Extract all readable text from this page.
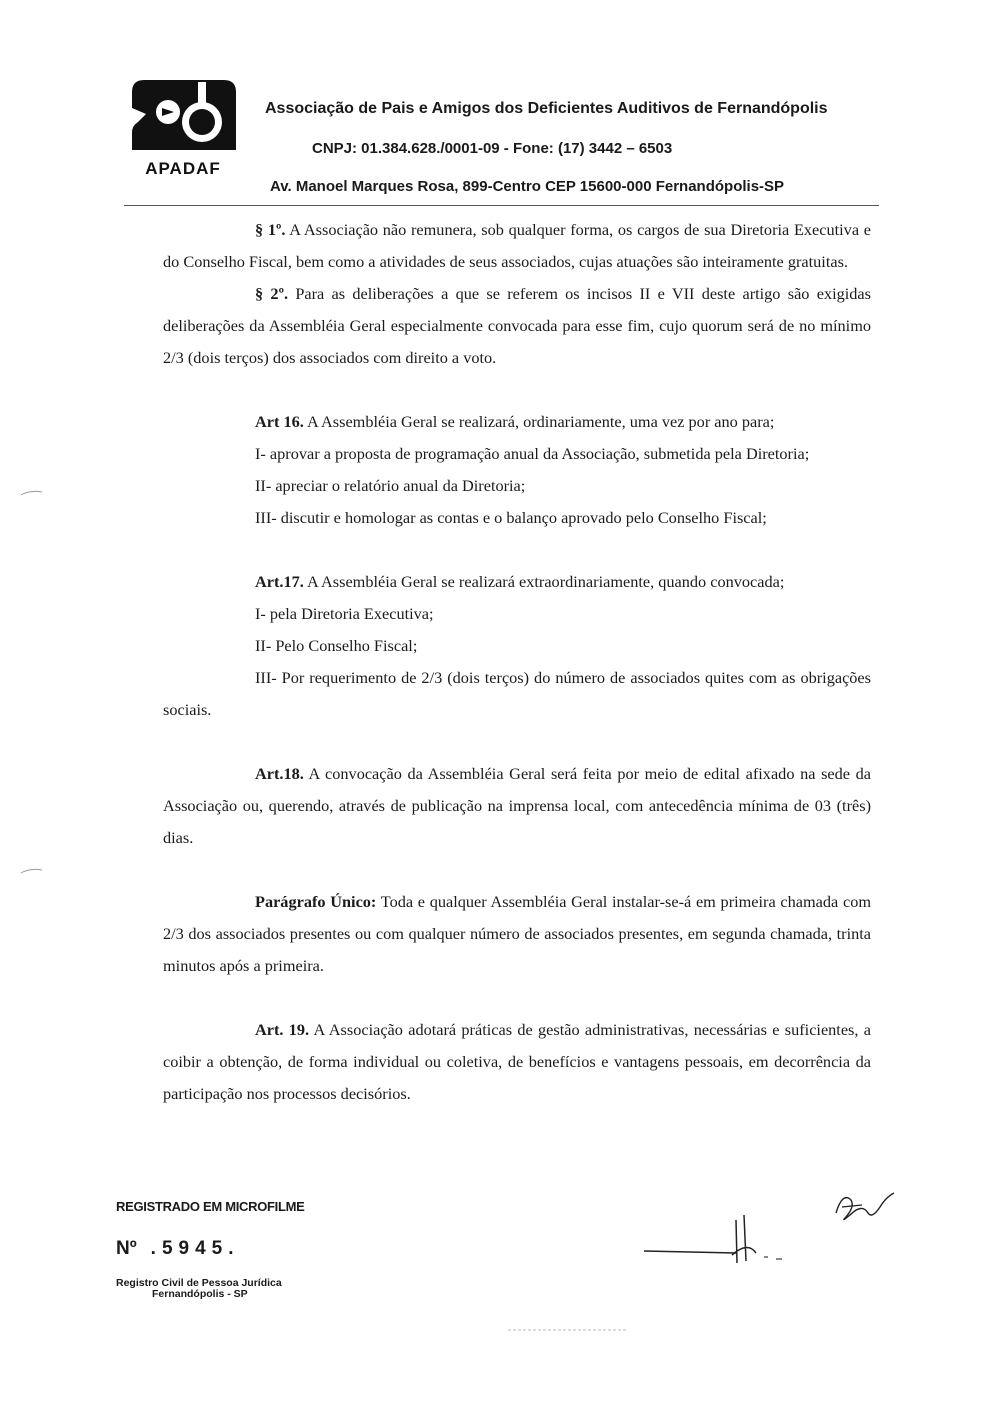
APADAF
Associação de Pais e Amigos dos Deficientes Auditivos de Fernandópolis
CNPJ: 01.384.628./0001-09 - Fone: (17) 3442 – 6503
Av. Manoel Marques Rosa, 899-Centro CEP 15600-000 Fernandópolis-SP

§ 1º. A Associação não remunera, sob qualquer forma, os cargos de sua Diretoria Executiva e do Conselho Fiscal, bem como a atividades de seus associados, cujas atuações são inteiramente gratuitas.

§ 2º. Para as deliberações a que se referem os incisos II e VII deste artigo são exigidas deliberações da Assembléia Geral especialmente convocada para esse fim, cujo quorum será de no mínimo 2/3 (dois terços) dos associados com direito a voto.

Art 16. A Assembléia Geral se realizará, ordinariamente, uma vez por ano para;

I- aprovar a proposta de programação anual da Associação, submetida pela Diretoria;

II- apreciar o relatório anual da Diretoria;

III- discutir e homologar as contas e o balanço aprovado pelo Conselho Fiscal;

Art.17. A Assembléia Geral se realizará extraordinariamente, quando convocada;

I- pela Diretoria Executiva;

II- Pelo Conselho Fiscal;

III- Por requerimento de 2/3 (dois terços) do número de associados quites com as obrigações sociais.

Art.18. A convocação da Assembléia Geral será feita por meio de edital afixado na sede da Associação ou, querendo, através de publicação na imprensa local, com antecedência mínima de 03 (três) dias.

Parágrafo Único: Toda e qualquer Assembléia Geral instalar-se-á em primeira chamada com 2/3 dos associados presentes ou com qualquer número de associados presentes, em segunda chamada, trinta minutos após a primeira.

Art. 19. A Associação adotará práticas de gestão administrativas, necessárias e suficientes, a coibir a obtenção, de forma individual ou coletiva, de benefícios e vantagens pessoais, em decorrência da participação nos processos decisórios.

REGISTRADO EM MICROFILME
Nº .5945.
Registro Civil de Pessoa Jurídica
Fernandópolis - SP
